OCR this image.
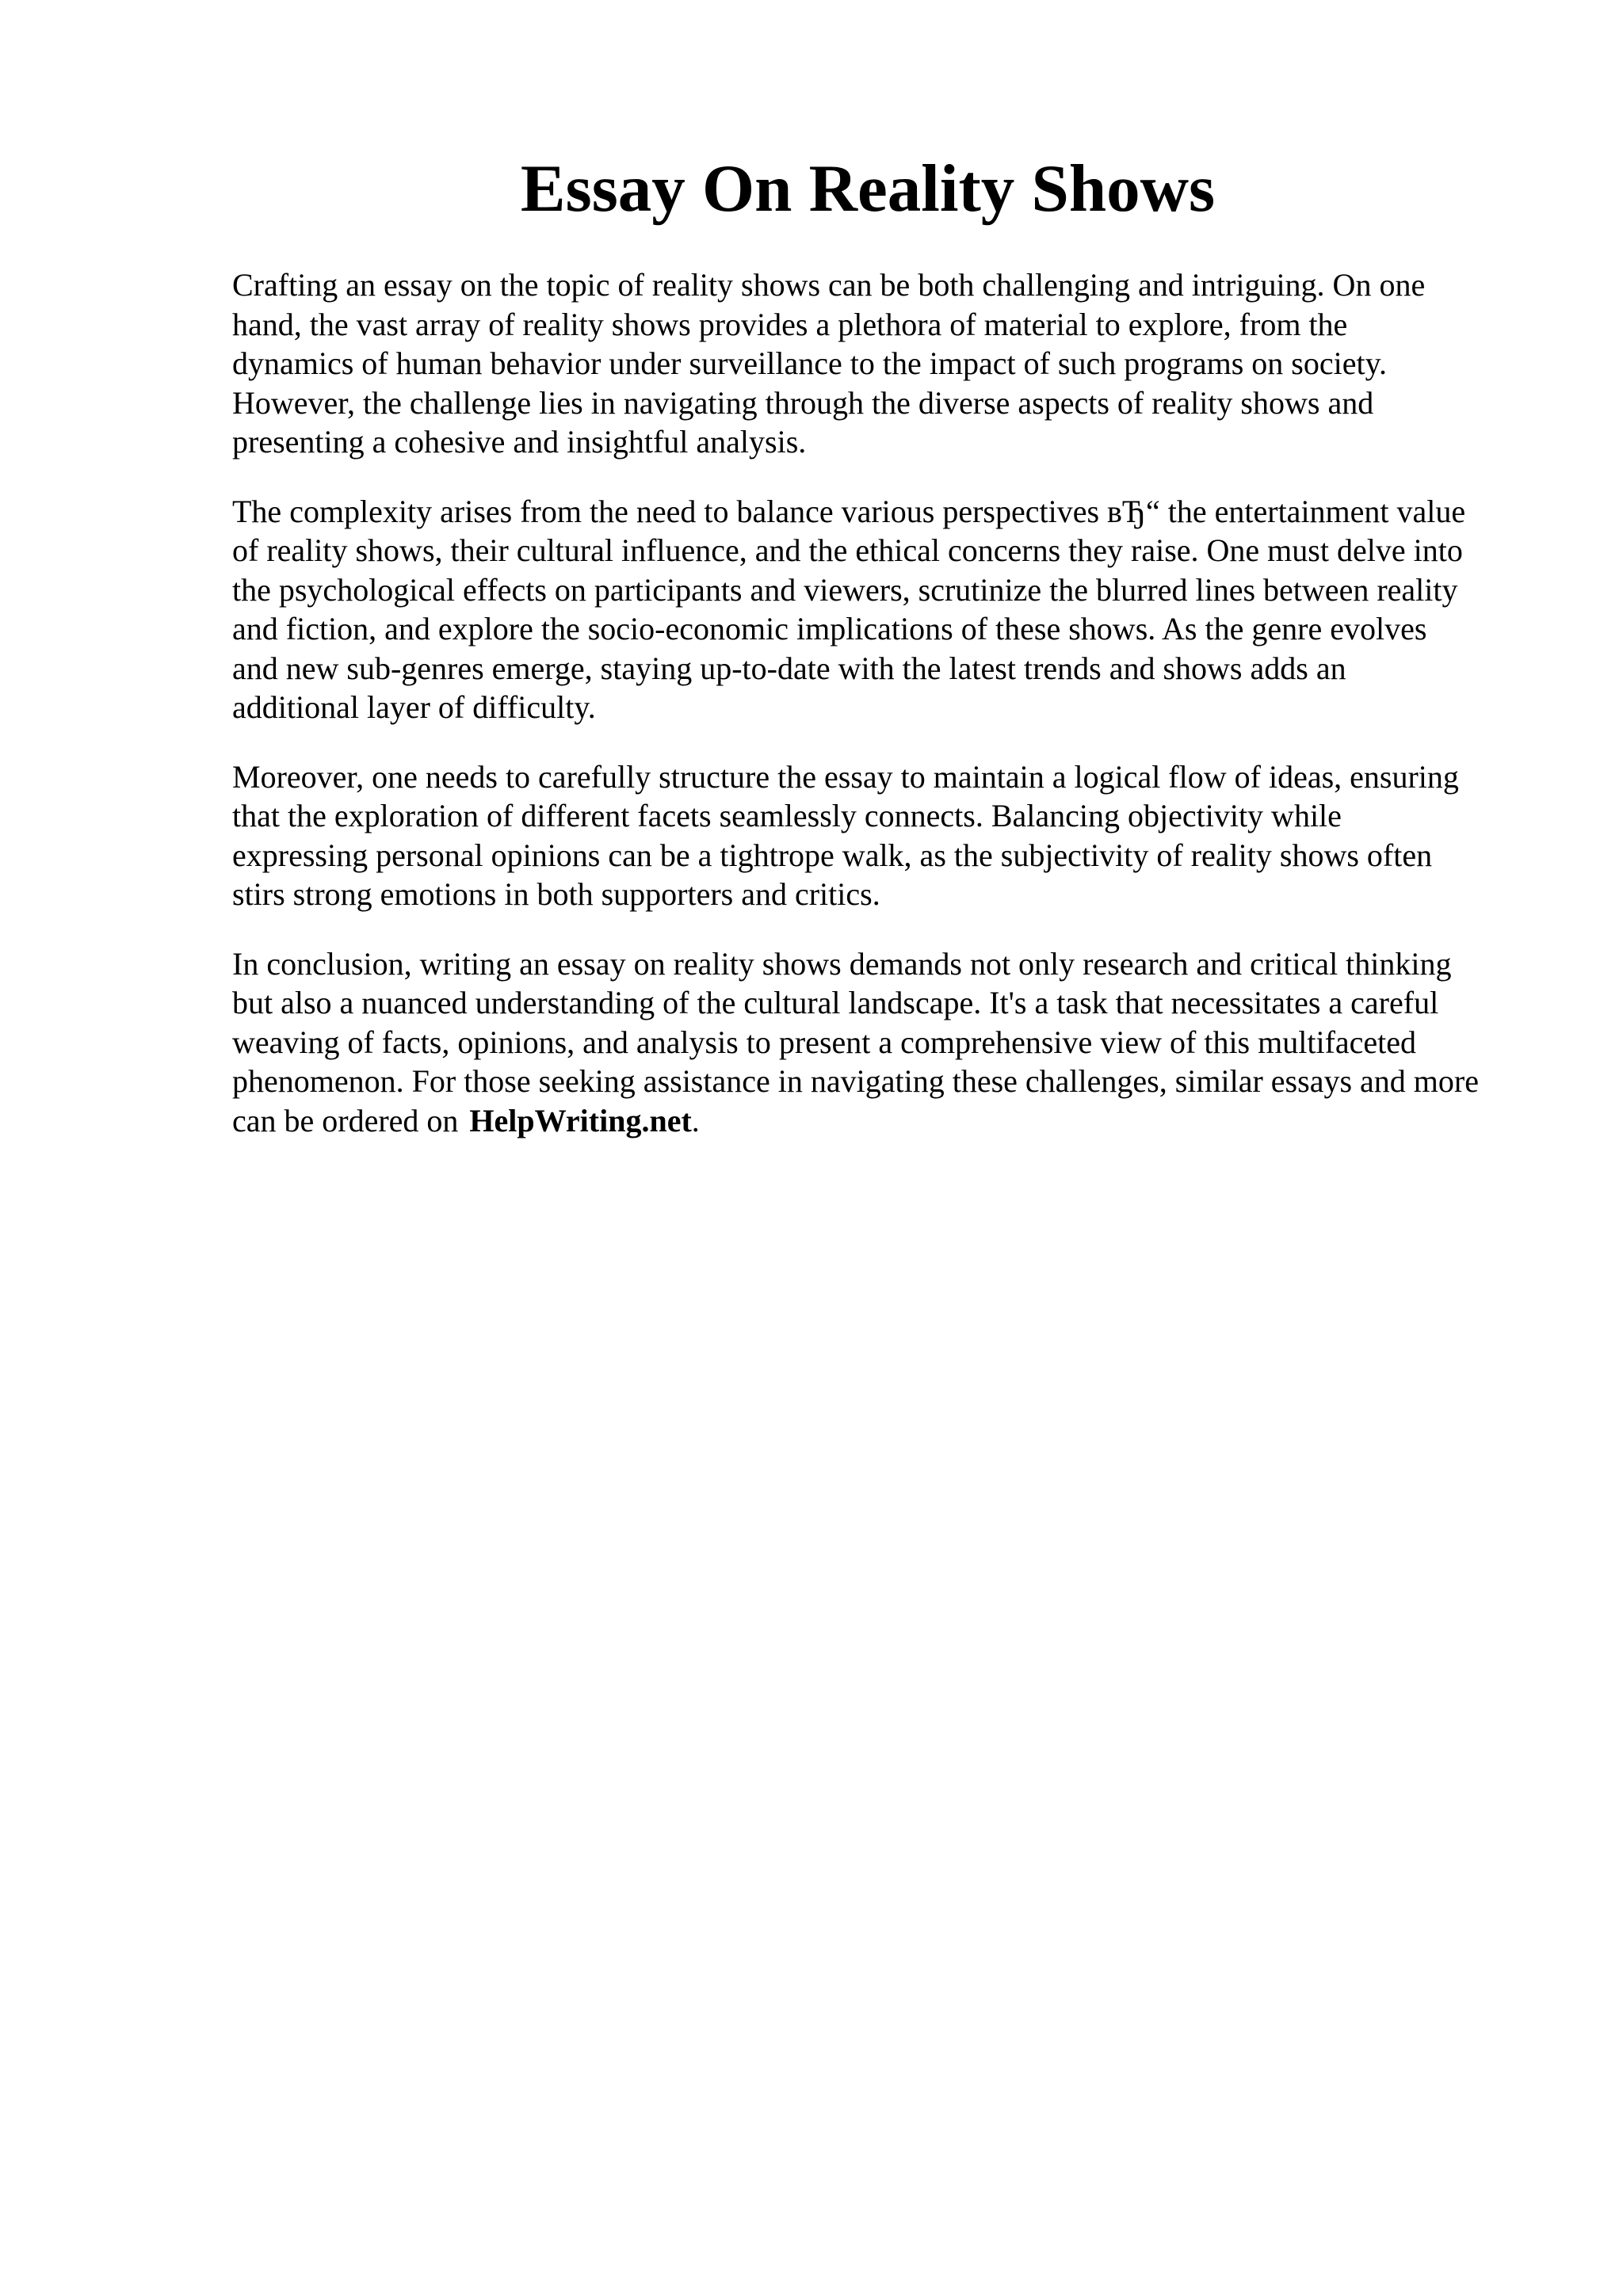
Essay On Reality Shows

Crafting an essay on the topic of reality shows can be both challenging and intriguing. On one
hand, the vast array of reality shows provides a plethora of material to explore, from the
dynamics of human behavior under surveillance to the impact of such programs on society.
However, the challenge lies in navigating through the diverse aspects of reality shows and
presenting a cohesive and insightful analysis.

The complexity arises from the need to balance various perspectives вЂ“ the entertainment value
of reality shows, their cultural influence, and the ethical concerns they raise. One must delve into
the psychological effects on participants and viewers, scrutinize the blurred lines between reality
and fiction, and explore the socio-economic implications of these shows. As the genre evolves
and new sub-genres emerge, staying up-to-date with the latest trends and shows adds an
additional layer of difficulty.

Moreover, one needs to carefully structure the essay to maintain a logical flow of ideas, ensuring
that the exploration of different facets seamlessly connects. Balancing objectivity while
expressing personal opinions can be a tightrope walk, as the subjectivity of reality shows often
stirs strong emotions in both supporters and critics.

In conclusion, writing an essay on reality shows demands not only research and critical thinking
but also a nuanced understanding of the cultural landscape. It's a task that necessitates a careful
weaving of facts, opinions, and analysis to present a comprehensive view of this multifaceted
phenomenon. For those seeking assistance in navigating these challenges, similar essays and more
can be ordered on HelpWriting.net.
